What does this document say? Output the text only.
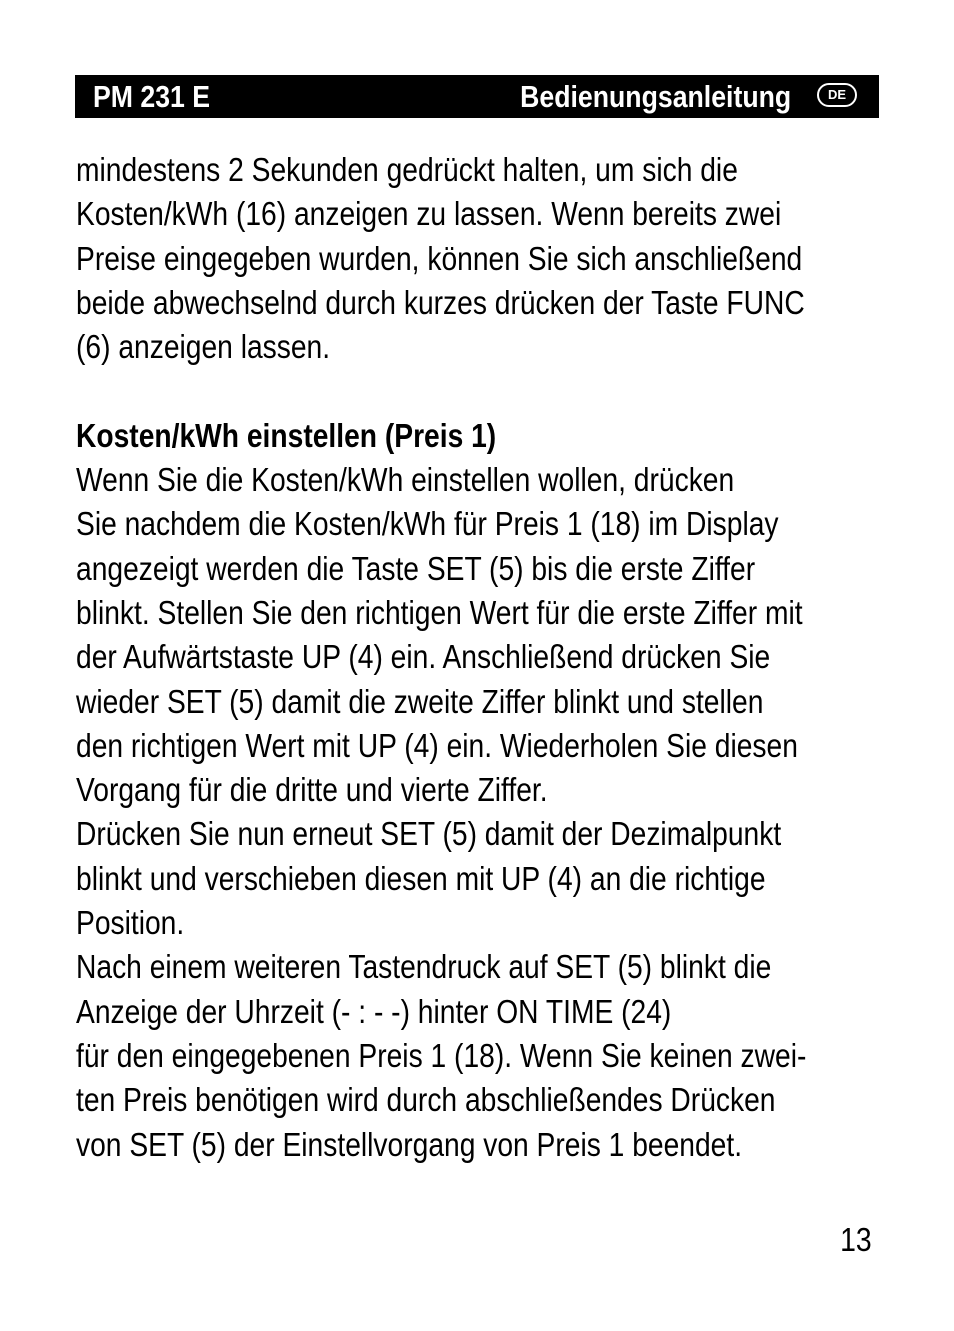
PM 231 E	Bedienungsanleitung	DE
mindestens 2 Sekunden gedrückt halten, um sich die
Kosten/kWh (16) anzeigen zu lassen. Wenn bereits zwei
Preise eingegeben wurden, können Sie sich anschließend
beide abwechselnd durch kurzes drücken der Taste FUNC
(6) anzeigen lassen.
Kosten/kWh einstellen (Preis 1)
Wenn Sie die Kosten/kWh einstellen wollen, drücken
Sie nachdem die Kosten/kWh für Preis 1 (18) im Display
angezeigt werden die Taste SET (5) bis die erste Ziffer
blinkt. Stellen Sie den richtigen Wert für die erste Ziffer mit
der Aufwärtstaste UP (4) ein. Anschließend drücken Sie
wieder SET (5) damit die zweite Ziffer blinkt und stellen
den richtigen Wert mit UP (4) ein. Wiederholen Sie diesen
Vorgang für die dritte und vierte Ziffer.
Drücken Sie nun erneut SET (5) damit der Dezimalpunkt
blinkt und verschieben diesen mit UP (4) an die richtige
Position.
Nach einem weiteren Tastendruck auf SET (5) blinkt die
Anzeige der Uhrzeit (- : - -) hinter ON TIME (24)
für den eingegebenen Preis 1 (18). Wenn Sie keinen zwei-
ten Preis benötigen wird durch abschließendes Drücken
von SET (5) der Einstellvorgang von Preis 1 beendet.
13
